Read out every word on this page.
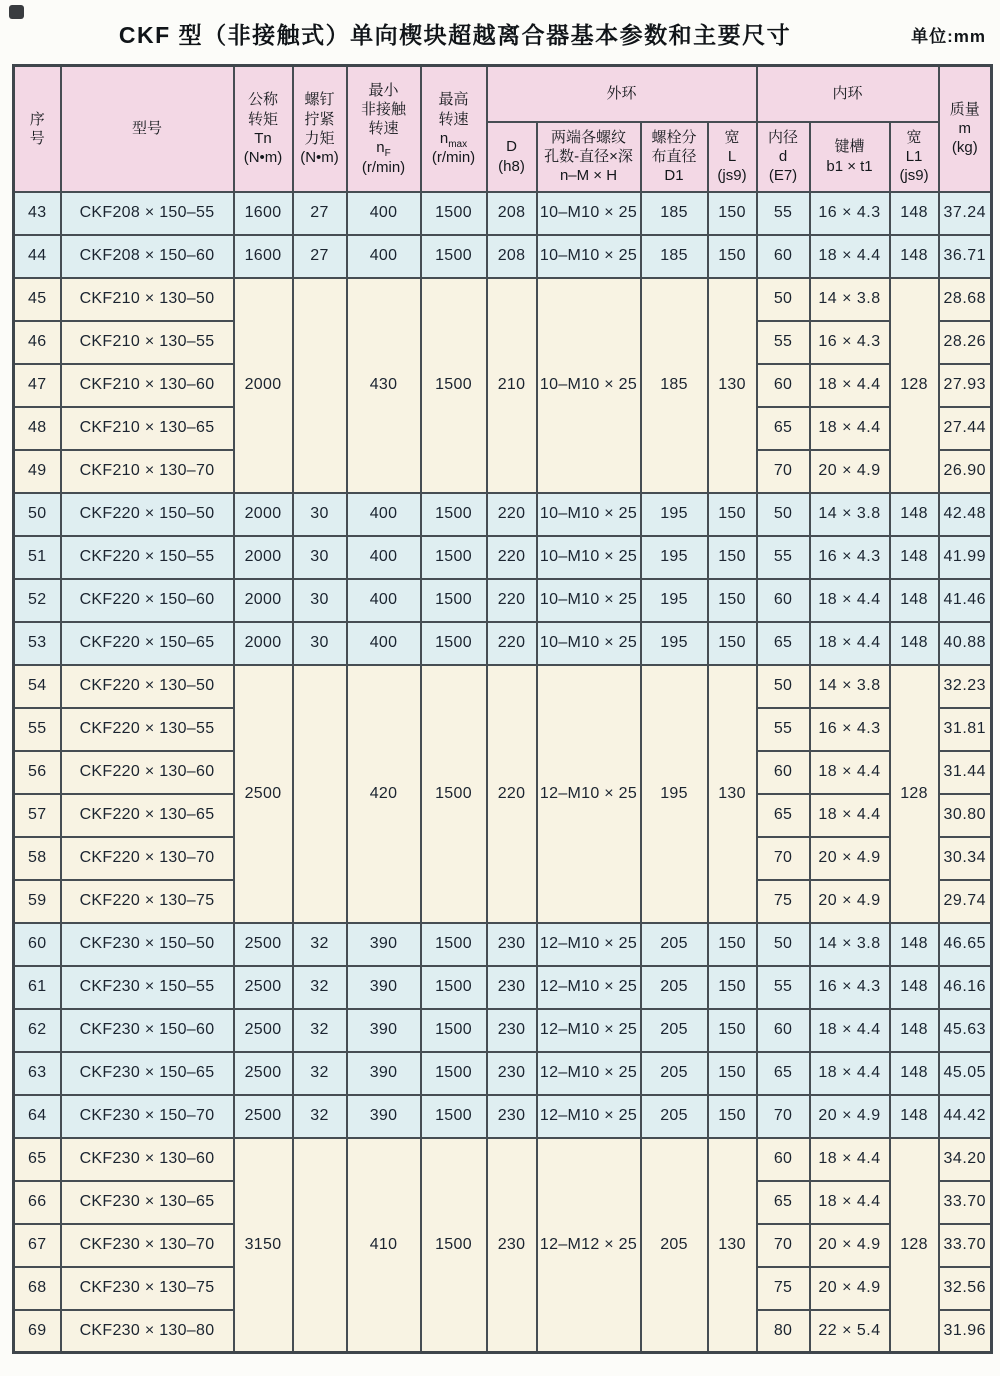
CKF 型（非接触式）单向楔块超越离合器基本参数和主要尺寸	单位:mm
序
号	型号	公称
转矩
Tn
(N•m)	螺钉
拧紧
力矩
(N•m)	最小
非接触
转速
$n_F$
(r/min)	最高
转速
$n_{max}$
(r/min)	外环				内环			质量
m
(kg)
						D
(h8)	两端各螺纹
孔数-直径×深
n–M × H	螺栓分
布直径
D1	宽
L
(js9)	内径
d
(E7)	键槽
b1 × t1	宽
L1
(js9)	
43	CKF208 × 150–55	1600	27	400	1500	208	10–M10 × 25	185	150	55	16 × 4.3	148	37.24
44	CKF208 × 150–60	1600	27	400	1500	208	10–M10 × 25	185	150	60	18 × 4.4	148	36.71
45	CKF210 × 130–50	2000		430	1500	210	10–M10 × 25	185	130	50	14 × 3.8	128	28.68
46	CKF210 × 130–55									55	16 × 4.3		28.26
47	CKF210 × 130–60									60	18 × 4.4		27.93
48	CKF210 × 130–65									65	18 × 4.4		27.44
49	CKF210 × 130–70									70	20 × 4.9		26.90
50	CKF220 × 150–50	2000	30	400	1500	220	10–M10 × 25	195	150	50	14 × 3.8	148	42.48
51	CKF220 × 150–55	2000	30	400	1500	220	10–M10 × 25	195	150	55	16 × 4.3	148	41.99
52	CKF220 × 150–60	2000	30	400	1500	220	10–M10 × 25	195	150	60	18 × 4.4	148	41.46
53	CKF220 × 150–65	2000	30	400	1500	220	10–M10 × 25	195	150	65	18 × 4.4	148	40.88
54	CKF220 × 130–50	2500		420	1500	220	12–M10 × 25	195	130	50	14 × 3.8	128	32.23
55	CKF220 × 130–55									55	16 × 4.3		31.81
56	CKF220 × 130–60									60	18 × 4.4		31.44
57	CKF220 × 130–65									65	18 × 4.4		30.80
58	CKF220 × 130–70									70	20 × 4.9		30.34
59	CKF220 × 130–75									75	20 × 4.9		29.74
60	CKF230 × 150–50	2500	32	390	1500	230	12–M10 × 25	205	150	50	14 × 3.8	148	46.65
61	CKF230 × 150–55	2500	32	390	1500	230	12–M10 × 25	205	150	55	16 × 4.3	148	46.16
62	CKF230 × 150–60	2500	32	390	1500	230	12–M10 × 25	205	150	60	18 × 4.4	148	45.63
63	CKF230 × 150–65	2500	32	390	1500	230	12–M10 × 25	205	150	65	18 × 4.4	148	45.05
64	CKF230 × 150–70	2500	32	390	1500	230	12–M10 × 25	205	150	70	20 × 4.9	148	44.42
65	CKF230 × 130–60	3150		410	1500	230	12–M12 × 25	205	130	60	18 × 4.4	128	34.20
66	CKF230 × 130–65									65	18 × 4.4		33.70
67	CKF230 × 130–70									70	20 × 4.9		33.70
68	CKF230 × 130–75									75	20 × 4.9		32.56
69	CKF230 × 130–80									80	22 × 5.4		31.96
